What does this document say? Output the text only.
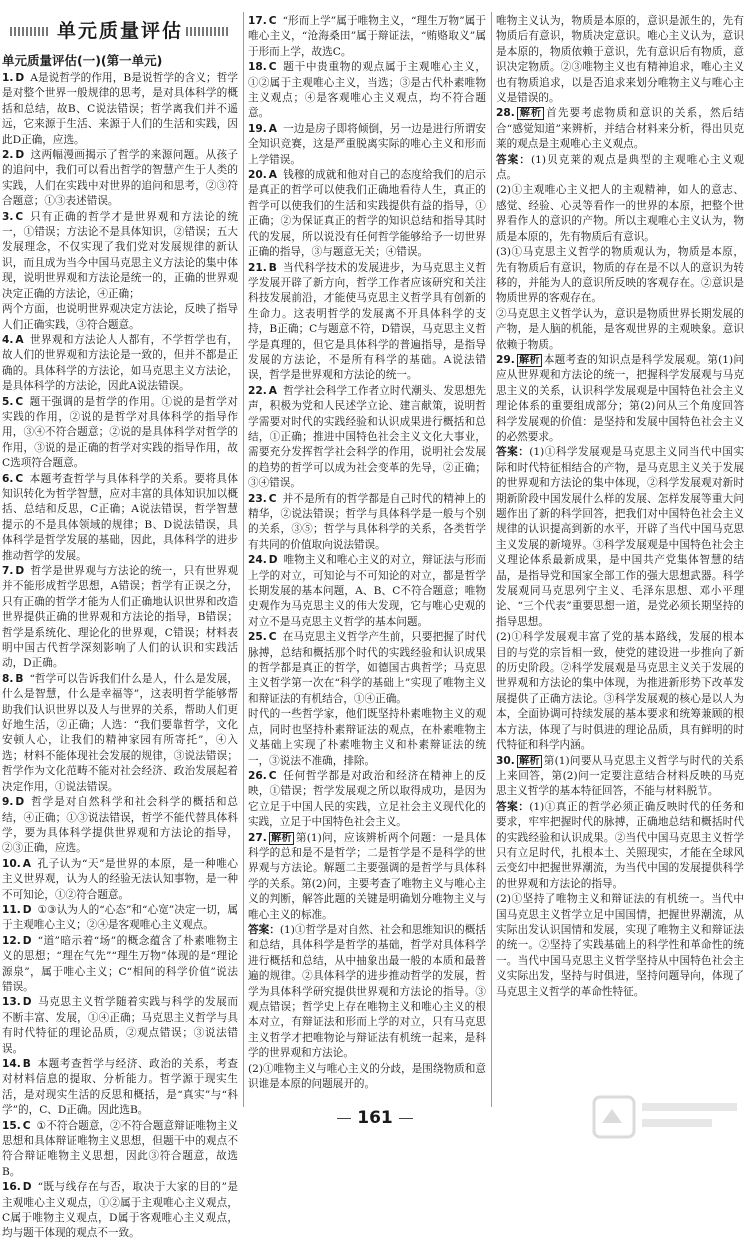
单元质量评估
单元质量评估(一)(第一单元)

1. D A是说哲学的作用，B是说哲学的含义；哲学是对整个世界一般规律的思考，是对具体科学的概括和总结，故B、C说法错误；哲学离我们并不遥远，它来源于生活、来源于人们的生活和实践，因此D正确，应选。

2. D 这两幅漫画揭示了哲学的来源问题。从孩子的追问中，我们可以看出哲学的智慧产生于人类的实践，人们在实践中对世界的追问和思考，②③符合题意；①③表述错误。

3. C 只有正确的哲学才是世界观和方法论的统一，①错误；方法论不是具体知识，②错误；五大发展理念，不仅实现了我们党对发展规律的新认识，而且成为当今中国马克思主义方法论的集中体现，说明世界观和方法论是统一的，正确的世界观决定正确的方法论，④正确；

两个方面，也说明世界观决定方法论，反映了指导人们正确实践，③符合题意。

4. A 世界观和方法论人人都有，不学哲学也有，故人们的世界观和方法论是一致的，但并不都是正确的。具体科学的方法论，如马克思主义方法论，是具体科学的方法论，因此A说法错误。

5. C 题干强调的是哲学的作用。①说的是哲学对实践的作用，②说的是哲学对具体科学的指导作用，③④不符合题意；②说的是具体科学对哲学的作用，③说的是正确的哲学对实践的指导作用，故C选项符合题意。

6. C 本题考查哲学与具体科学的关系。要将具体知识转化为哲学智慧，应对丰富的具体知识加以概括、总结和反思，C正确；A说法错误，哲学智慧提示的不是具体领域的规律；B、D说法错误，具体科学是哲学发展的基础，因此，具体科学的进步推动哲学的发展。

7. D 哲学是世界观与方法论的统一，只有世界观并不能形成哲学思想，A错误；哲学有正误之分，只有正确的哲学才能为人们正确地认识世界和改造世界提供正确的世界观和方法论的指导，B错误；哲学是系统化、理论化的世界观，C错误；材料表明中国古代哲学深刻影响了人们的认识和实践活动，D正确。

8. B “哲学可以告诉我们什么是人，什么是发展，什么是智慧，什么是幸福等”，这表明哲学能够帮助我们认识世界以及人与世界的关系，帮助人们更好地生活，②正确；人选：“我们要靠哲学，文化安顿人心，让我们的精神家园有所寄托”，④入选；材料不能体现社会发展的规律，③说法错误；哲学作为文化范畴不能对社会经济、政治发展起着决定作用，①说法错误。

9. D 哲学是对自然科学和社会科学的概括和总结，④正确；①③说法错误，哲学不能代替具体科学，要为具体科学提供世界观和方法论的指导，②③正确，应选。

10. A 孔子认为“天”是世界的本原，是一种唯心主义世界观，认为人的经验无法认知事物，是一种不可知论，①②符合题意。

11. D ①③认为人的“心态”和“心宽”决定一切，属于主观唯心主义；②④是客观唯心主义观点。

12. D “道”暗示着“场”的概念蕴含了朴素唯物主义的思想；“理在气先”“理生万物”体现的是“理论源泉”，属于唯心主义；C“相间的科学价值”说法错误。

13. D 马克思主义哲学随着实践与科学的发展而不断丰富、发展，①④正确；马克思主义哲学与具有时代特征的理论品质，②观点错误；③说法错误。

14. B 本题考查哲学与经济、政治的关系，考查对材料信息的提取、分析能力。哲学源于现实生活，是对现实生活的反思和概括，是“真实”与“科学”的，C、D正确。因此选B。

15. C ①不符合题意，②不符合题意辩证唯物主义思想和具体辩证唯物主义思想，但题干中的观点不符合辩证唯物主义思想，因此③符合题意，故选B。

16. D “既与线存在与否，取决于大家的目的”是主观唯心主义观点，①②属于主观唯心主义观点，C属于唯物主义观点，D属于客观唯心主义观点，均与题干体现的观点不一致。

17. C “形而上学”属于唯物主义，“理生万物”属于唯心主义，“沧海桑田”属于辩证法，“贿赂取义”属于形而上学，故选C。

18. C 题干中贵重物的观点属于主观唯心主义，①②属于主观唯心主义，当选；③是古代朴素唯物主义观点；④是客观唯心主义观点，均不符合题意。

19. A 一边是房子即将倾倒，另一边是进行所谓安全知识竞赛，这是严重脱离实际的唯心主义和形而上学错误。

20. A 钱穆的成就和他对自己的态度给我们的启示是真正的哲学可以使我们正确地看待人生，真正的哲学可以使我们的生活和实践提供有益的指导，①正确；②为保证真正的哲学的知识总结和指导其时代的发展，所以说没有任何哲学能够给予一切世界正确的指导，③与题意无关；④错误。

21. B 当代科学技术的发展进步，为马克思主义哲学发展开辟了新方向，哲学工作者应该研究和关注科技发展前沿，才能使马克思主义哲学具有创新的生命力。这表明哲学的发展离不开具体科学的支持，B正确；C与题意不符，D错误，马克思主义哲学是真理的，但它是具体科学的普遍指导，是指导发展的方法论，不是所有科学的基础。A说法错误，哲学是世界观和方法论的统一。

22. A 哲学社会科学工作者立时代潮头、发思想先声，积极为党和人民述学立论、建言献策，说明哲学需要对时代的实践经验和认识成果进行概括和总结，①正确；推进中国特色社会主义文化大事业，需要充分发挥哲学社会科学的作用，说明社会发展的趋势的哲学可以成为社会变革的先导，②正确；③④错误。

23. C 并不是所有的哲学都是自己时代的精神上的精华，②说法错误；哲学与具体科学是一般与个别的关系，③⑤；哲学与具体科学的关系，各类哲学有共同的价值取向说法错误。

24. D 唯物主义和唯心主义的对立，辩证法与形而上学的对立，可知论与不可知论的对立，都是哲学长期发展的基本问题，A、B、C不符合题意；唯物史观作为马克思主义的伟大发现，它与唯心史观的对立不是马克思主义哲学的基本问题。

25. C 在马克思主义哲学产生前，只要把握了时代脉搏，总结和概括那个时代的实践经验和认识成果的哲学都是真正的哲学，如德国古典哲学；马克思主义哲学第一次在“科学的基础上”实现了唯物主义和辩证法的有机结合，①④正确。

时代的一些哲学家，他们既坚持朴素唯物主义的观点，同时也坚持朴素辩证法的观点，在朴素唯物主义基础上实现了朴素唯物主义和朴素辩证法的统一，③说法不准确，排除。

26. C 任何哲学都是对政治和经济在精神上的反映，①错误；哲学发展观之所以取得成功，是因为它立足于中国人民的实践，立足社会主义现代化的实践，立足于中国特色社会主义。

27. 解析 第(1)问，应该辨析两个问题：一是具体科学的总和是不是哲学；二是哲学是不是科学的世界观与方法论。解题二主要强调的是哲学与具体科学的关系。第(2)问，主要考查了唯物主义与唯心主义的判断，解答此题的关键是明确划分唯物主义与唯心主义的标准。

答案：(1)①哲学是对自然、社会和思维知识的概括和总结，具体科学是哲学的基础，哲学对具体科学进行概括和总结，从中抽象出最一般的本质和最普遍的规律。②具体科学的进步推动哲学的发展，哲学为具体科学研究提供世界观和方法论的指导。③观点错误；哲学史上存在唯物主义和唯心主义的根本对立，有辩证法和形而上学的对立，只有马克思主义哲学才把唯物论与辩证法有机统一起来，是科学的世界观和方法论。

(2)①唯物主义与唯心主义的分歧，是围绕物质和意识谁是本原的问题展开的。

唯物主义认为，物质是本原的，意识是派生的，先有物质后有意识，物质决定意识。唯心主义认为，意识是本原的，物质依赖于意识，先有意识后有物质，意识决定物质。②③唯物主义也有精神追求，唯心主义也有物质追求，以是否追求来划分唯物主义与唯心主义是错误的。

28. 解析 首先要考虑物质和意识的关系，然后结合“感觉知道”来辨析，并结合材料来分析，得出贝克莱的观点是主观唯心主义观点。

答案：(1)贝克莱的观点是典型的主观唯心主义观点。

(2)①主观唯心主义把人的主观精神，如人的意志、感觉、经验、心灵等看作一的世界的本原，把整个世界看作人的意识的产物。所以主观唯心主义认为，物质是本原的，先有物质后有意识。

(3)①马克思主义哲学的物质观认为，物质是本原，先有物质后有意识，物质的存在是不以人的意识为转移的，并能为人的意识所反映的客观存在。②意识是物质世界的客观存在。

②马克思主义哲学认为，意识是物质世界长期发展的产物，是人脑的机能，是客观世界的主观映象。意识依赖于物质。

29. 解析 本题考查的知识点是科学发展观。第(1)问应从世界观和方法论的统一，把握科学发展观与马克思主义的关系，认识科学发展观是中国特色社会主义理论体系的重要组成部分；第(2)问从三个角度回答科学发展观的价值：是坚持和发展中国特色社会主义的必然要求。

答案：(1)①科学发展观是马克思主义同当代中国实际和时代特征相结合的产物，是马克思主义关于发展的世界观和方法论的集中体现，②科学发展观对新时期新阶段中国发展什么样的发展、怎样发展等重大问题作出了新的科学回答，把我们对中国特色社会主义规律的认识提高到新的水平，开辟了当代中国马克思主义发展的新境界。③科学发展观是中国特色社会主义理论体系最新成果，是中国共产党集体智慧的结晶，是指导党和国家全部工作的强大思想武器。科学发展观同马克思列宁主义、毛泽东思想、邓小平理论、“三个代表”重要思想一道，是党必须长期坚持的指导思想。

(2)①科学发展观丰富了党的基本路线，发展的根本目的与党的宗旨相一致，使党的建设进一步推向了新的历史阶段。②科学发展观是马克思主义关于发展的世界观和方法论的集中体现，为推进新形势下改革发展提供了正确方法论。③科学发展观的核心是以人为本，全面协调可持续发展的基本要求和统筹兼顾的根本方法，体现了与时俱进的理论品质，具有鲜明的时代特征和科学内涵。

30. 解析 第(1)问要从马克思主义哲学与时代的关系上来回答，第(2)问一定要注意结合材料反映的马克思主义哲学的基本特征回答，不能与材料脱节。

答案：(1)①真正的哲学必须正确反映时代的任务和要求，牢牢把握时代的脉搏，正确地总结和概括时代的实践经验和认识成果。②当代中国马克思主义哲学只有立足时代，扎根本土、关照现实，才能在全球风云变幻中把握世界潮流，为当代中国的发展提供科学的世界观和方法论的指导。

(2)①坚持了唯物主义和辩证法的有机统一。当代中国马克思主义哲学立足中国国情，把握世界潮流，从实际出发认识国情和发展，实现了唯物主义和辩证法的统一。②坚持了实践基础上的科学性和革命性的统一。当代中国马克思主义哲学坚持从中国特色社会主义实际出发，坚持与时俱进，坚持问题导向，体现了马克思主义哲学的革命性特征。

161
